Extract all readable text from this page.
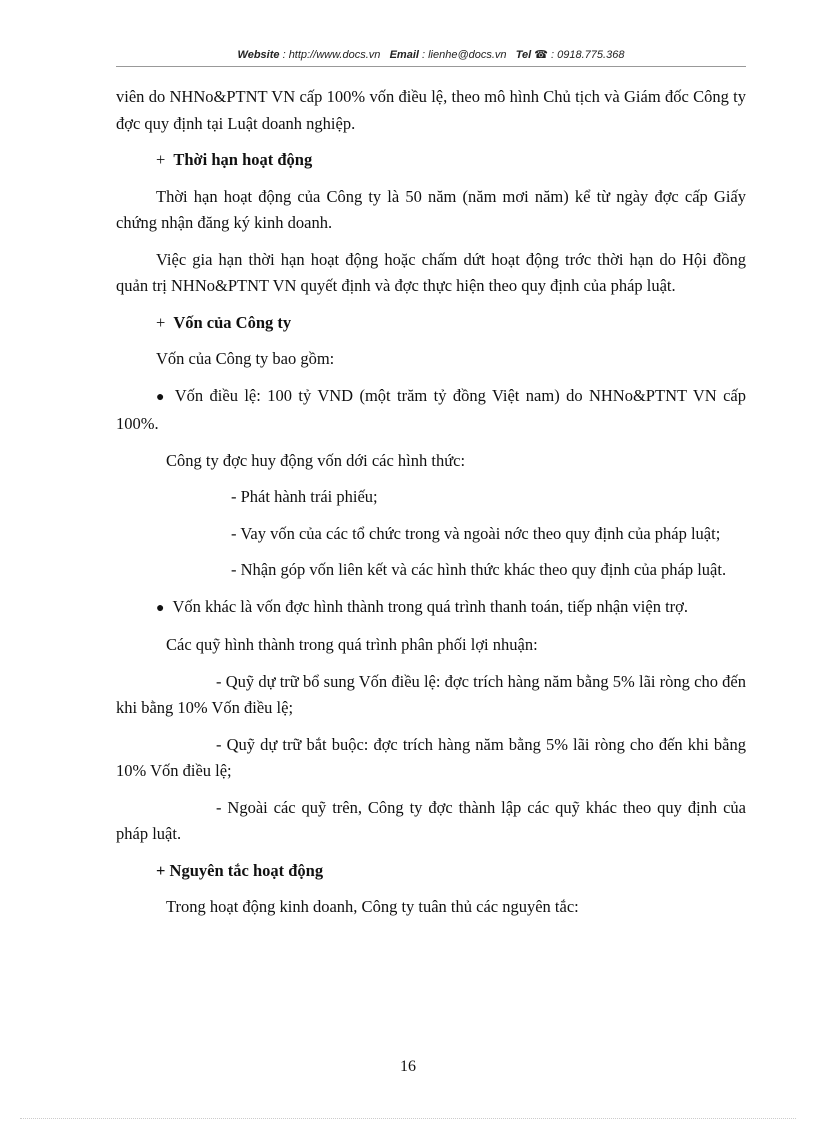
Website : http://www.docs.vn Email : lienhe@docs.vn Tel ☎ : 0918.775.368

viên do NHNo&PTNT VN cấp 100% vốn điều lệ, theo mô hình Chủ tịch và Giám đốc Công ty đợc quy định tại Luật doanh nghiệp.

+ Thời hạn hoạt động

Thời hạn hoạt động của Công ty là 50 năm (năm mơi năm) kể từ ngày đợc cấp Giấy chứng nhận đăng ký kinh doanh.

Việc gia hạn thời hạn hoạt động hoặc chấm dứt hoạt động trớc thời hạn do Hội đồng quản trị NHNo&PTNT VN quyết định và đợc thực hiện theo quy định của pháp luật.

+ Vốn của Công ty

Vốn của Công ty bao gồm:

● Vốn điều lệ: 100 tỷ VND (một trăm tỷ đồng Việt nam) do NHNo&PTNT VN cấp 100%.

Công ty đợc huy động vốn dới các hình thức:

- Phát hành trái phiếu;

- Vay vốn của các tổ chức trong và ngoài nớc theo quy định của pháp luật;

- Nhận góp vốn liên kết và các hình thức khác theo quy định của pháp luật.

● Vốn khác là vốn đợc hình thành trong quá trình thanh toán, tiếp nhận viện trợ.

Các quỹ hình thành trong quá trình phân phối lợi nhuận:

- Quỹ dự trữ bổ sung Vốn điều lệ: đợc trích hàng năm bằng 5% lãi ròng cho đến khi bằng 10% Vốn điều lệ;

- Quỹ dự trữ bắt buộc: đợc trích hàng năm bằng 5% lãi ròng cho đến khi bằng 10% Vốn điều lệ;

- Ngoài các quỹ trên, Công ty đợc thành lập các quỹ khác theo quy định của pháp luật.

+ Nguyên tắc hoạt động

Trong hoạt động kinh doanh, Công ty tuân thủ các nguyên tắc:

16
